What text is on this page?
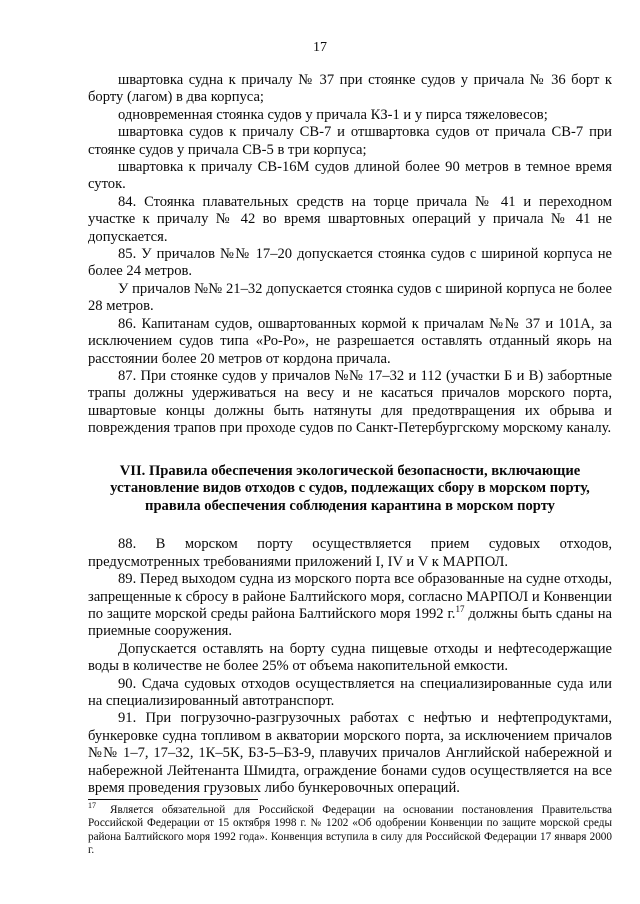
17

швартовка судна к причалу № 37 при стоянке судов у причала № 36 борт к борту (лагом) в два корпуса;

одновременная стоянка судов у причала КЗ-1 и у пирса тяжеловесов;

швартовка судов к причалу СВ-7 и отшвартовка судов от причала СВ-7 при стоянке судов у причала СВ-5 в три корпуса;

швартовка к причалу СВ-16М судов длиной более 90 метров в темное время суток.

84. Стоянка плавательных средств на торце причала № 41 и переходном участке к причалу № 42 во время швартовных операций у причала № 41 не допускается.

85. У причалов №№ 17–20 допускается стоянка судов с шириной корпуса не более 24 метров.

У причалов №№ 21–32 допускается стоянка судов с шириной корпуса не более 28 метров.

86. Капитанам судов, ошвартованных кормой к причалам №№ 37 и 101А, за исключением судов типа «Ро-Ро», не разрешается оставлять отданный якорь на расстоянии более 20 метров от кордона причала.

87. При стоянке судов у причалов №№ 17–32 и 112 (участки Б и В) забортные трапы должны удерживаться на весу и не касаться причалов морского порта, швартовые концы должны быть натянуты для предотвращения их обрыва и повреждения трапов при проходе судов по Санкт-Петербургскому морскому каналу.

VII. Правила обеспечения экологической безопасности, включающие установление видов отходов с судов, подлежащих сбору в морском порту, правила обеспечения соблюдения карантина в морском порту

88. В морском порту осуществляется прием судовых отходов, предусмотренных требованиями приложений I, IV и V к МАРПОЛ.

89. Перед выходом судна из морского порта все образованные на судне отходы, запрещенные к сбросу в районе Балтийского моря, согласно МАРПОЛ и Конвенции по защите морской среды района Балтийского моря 1992 г.$^{17}$ должны быть сданы на приемные сооружения.

Допускается оставлять на борту судна пищевые отходы и нефтесодержащие воды в количестве не более 25% от объема накопительной емкости.

90. Сдача судовых отходов осуществляется на специализированные суда или на специализированный автотранспорт.

91. При погрузочно-разгрузочных работах с нефтью и нефтепродуктами, бункеровке судна топливом в акватории морского порта, за исключением причалов №№ 1–7, 17–32, 1К–5К, БЗ-5–БЗ-9, плавучих причалов Английской набережной и набережной Лейтенанта Шмидта, ограждение бонами судов осуществляется на все время проведения грузовых либо бункеровочных операций.

17 Является обязательной для Российской Федерации на основании постановления Правительства Российской Федерации от 15 октября 1998 г. № 1202 «Об одобрении Конвенции по защите морской среды района Балтийского моря 1992 года». Конвенция вступила в силу для Российской Федерации 17 января 2000 г.
